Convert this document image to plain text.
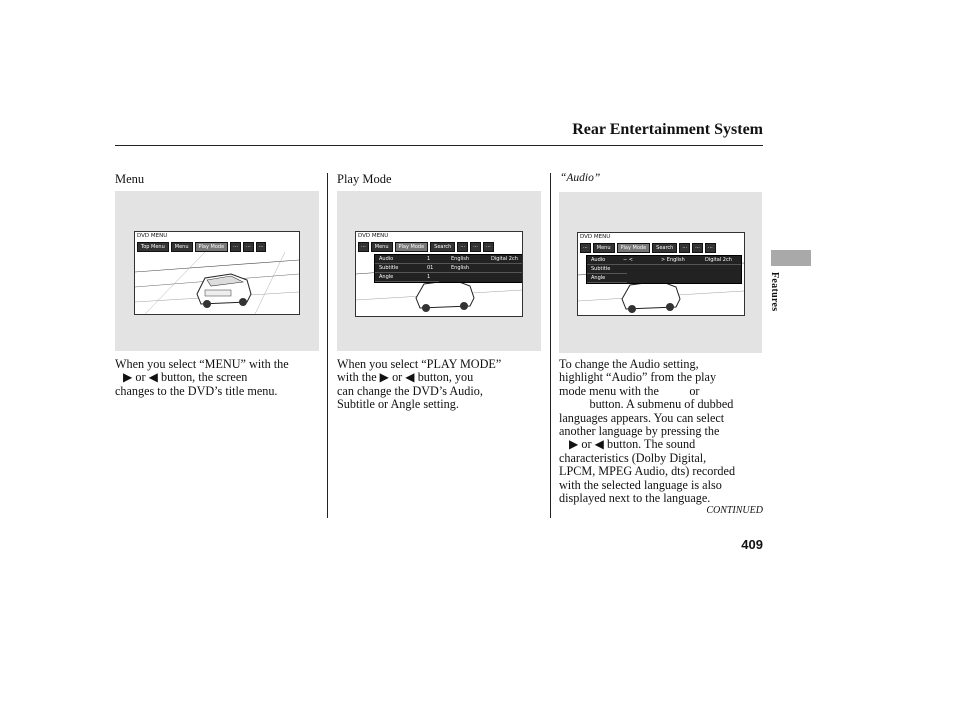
Rear Entertainment System
Menu
DVD MENU
Top Menu	Menu	Play Mode	···	···	···
When you select “MENU” with the
▶ or ◀ button, the screen
changes to the DVD’s title menu.
Play Mode
DVD MENU
···	Menu	Play Mode	Search	···	···	···
Audio	1	English	Digital 2ch
Subtitle	01	English
Angle	1
When you select “PLAY MODE”
with the ▶ or ◀ button, you
can change the DVD’s Audio,
Subtitle or Angle setting.
“Audio”
DVD MENU
···	Menu	Play Mode	Search	···	···	···
Audio	− <	> English	Digital 2ch
Subtitle
Angle
To change the Audio setting,
highlight “Audio” from the play
mode menu with the          or
button. A submenu of dubbed
languages appears. You can select
another language by pressing the
▶ or ◀ button. The sound
characteristics (Dolby Digital,
LPCM, MPEG Audio, dts) recorded
with the selected language is also
displayed next to the language.
CONTINUED
409
Features
